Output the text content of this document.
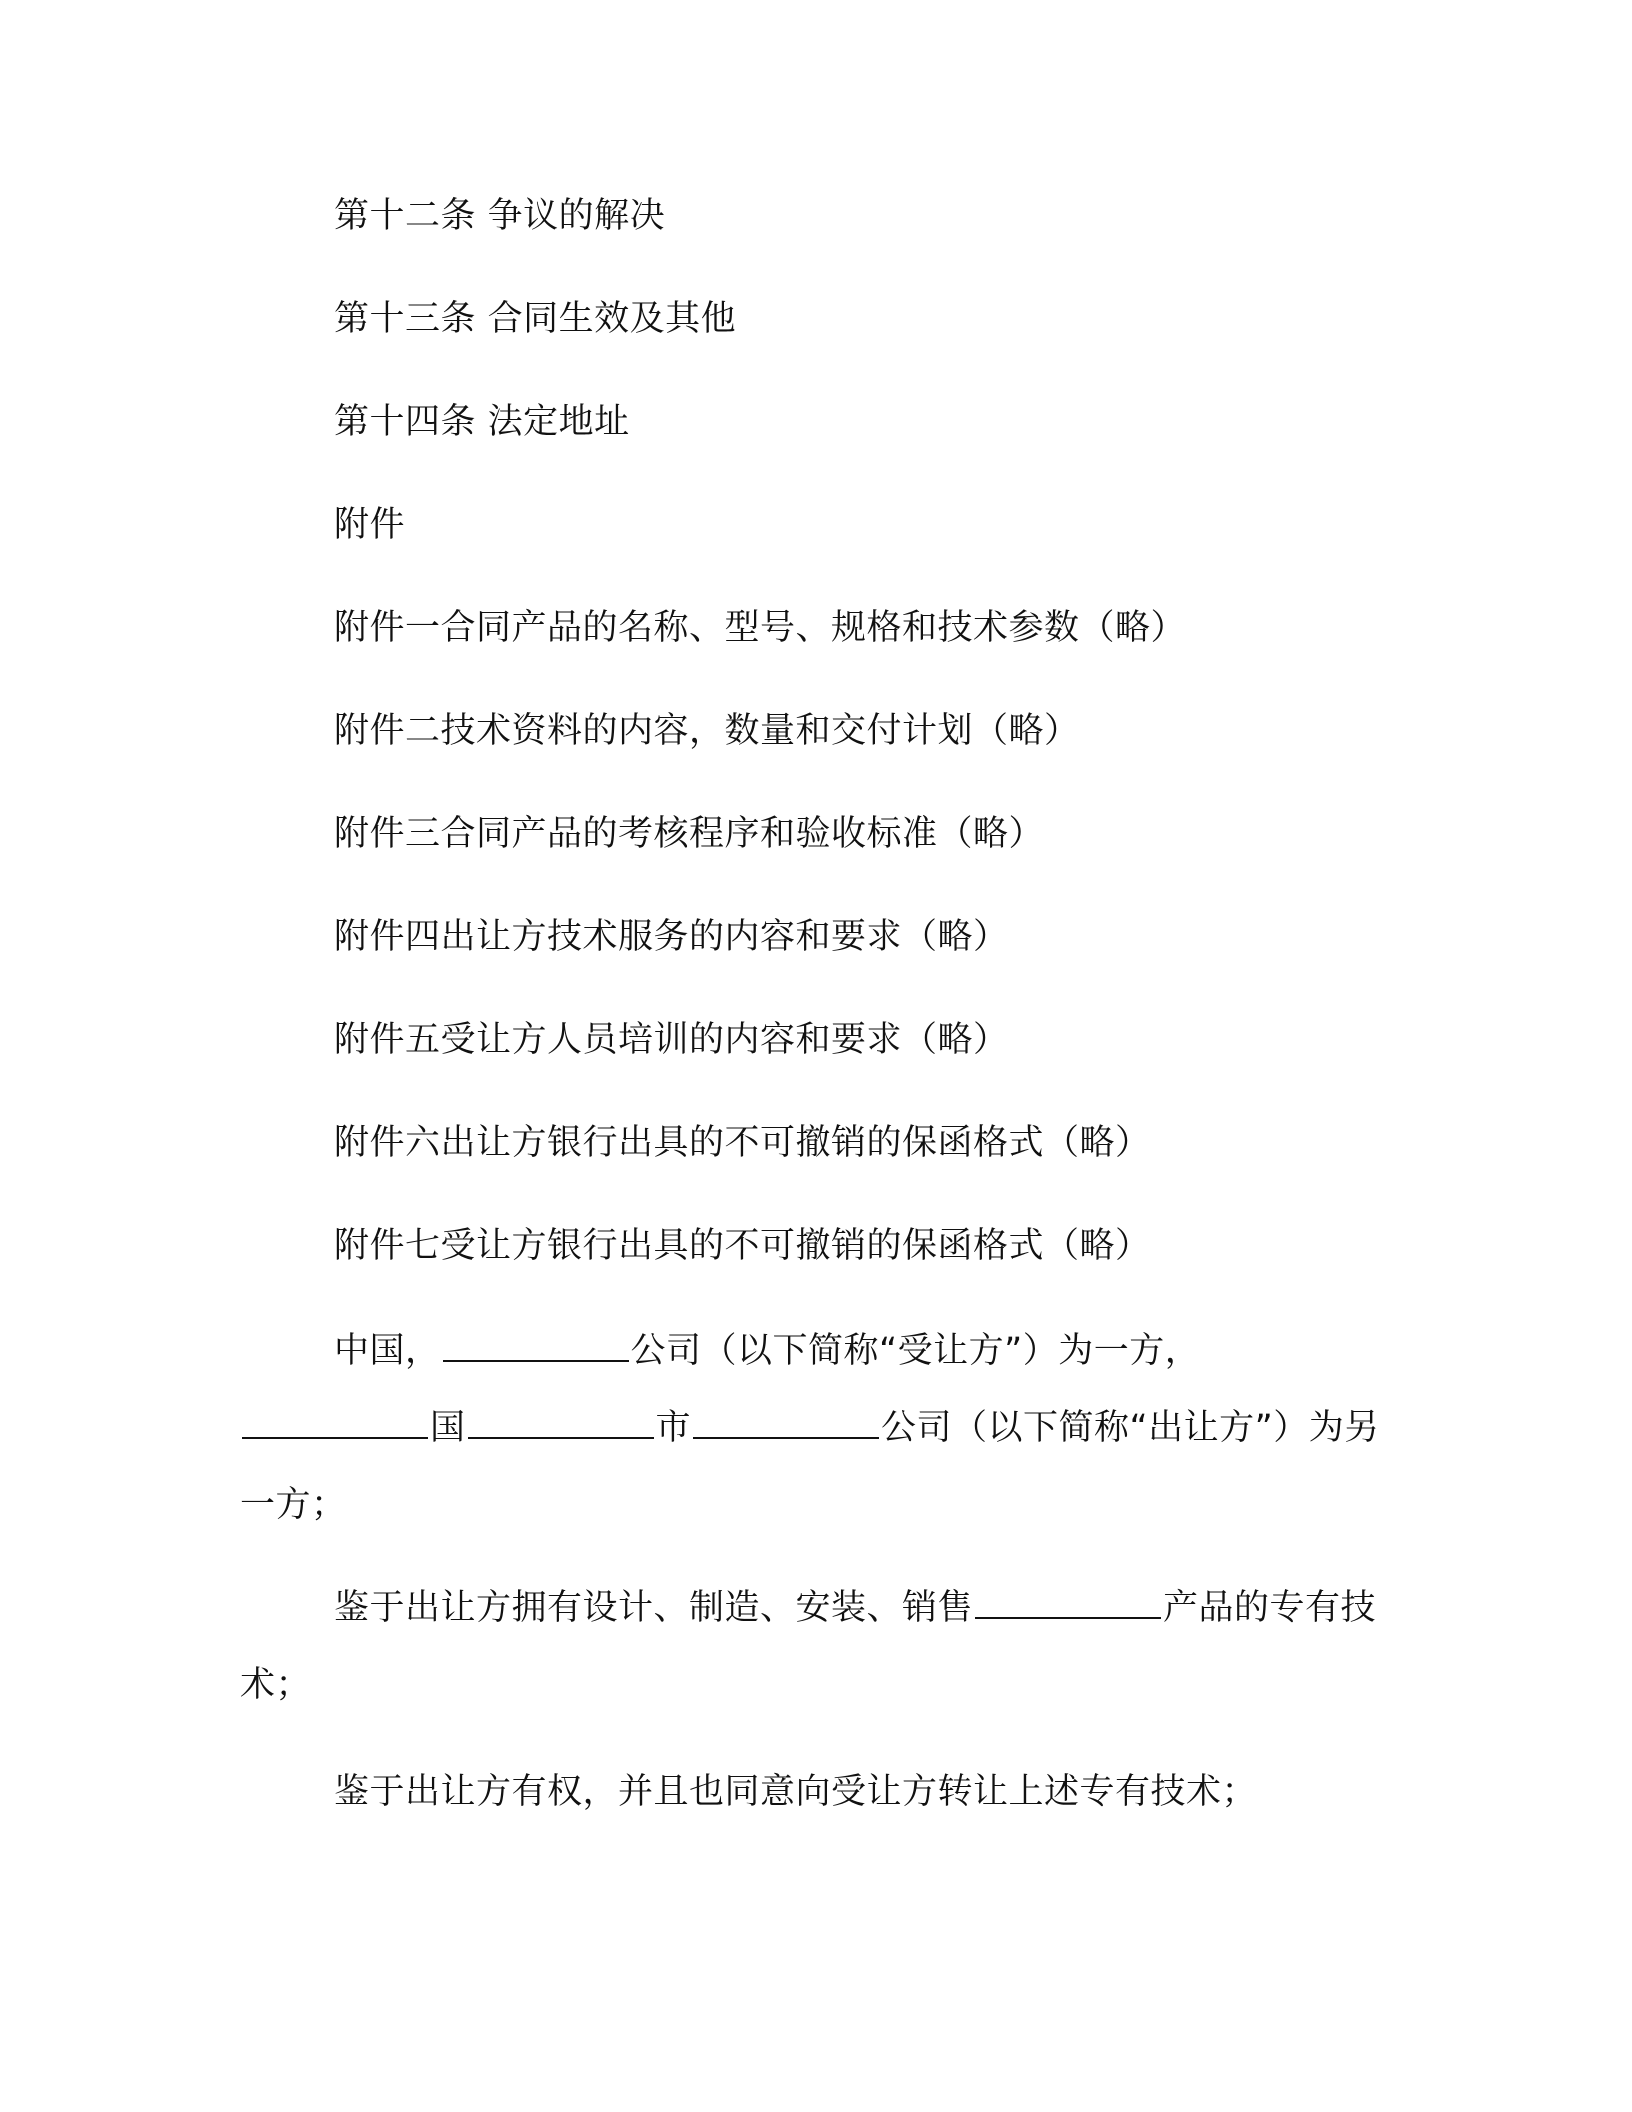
第十二条 争议的解决
第十三条 合同生效及其他
第十四条 法定地址
附件
附件一合同产品的名称、型号、规格和技术参数（略）
附件二技术资料的内容，数量和交付计划（略）
附件三合同产品的考核程序和验收标准（略）
附件四出让方技术服务的内容和要求（略）
附件五受让方人员培训的内容和要求（略）
附件六出让方银行出具的不可撤销的保函格式（略）
附件七受让方银行出具的不可撤销的保函格式（略）
中国，	公司（以下简称“受让方”）为一方，国	市	公司（以下简称“出让方”）为另一方；
鉴于出让方拥有设计、制造、安装、销售	产品的专有技术；
鉴于出让方有权，并且也同意向受让方转让上述专有技术；
